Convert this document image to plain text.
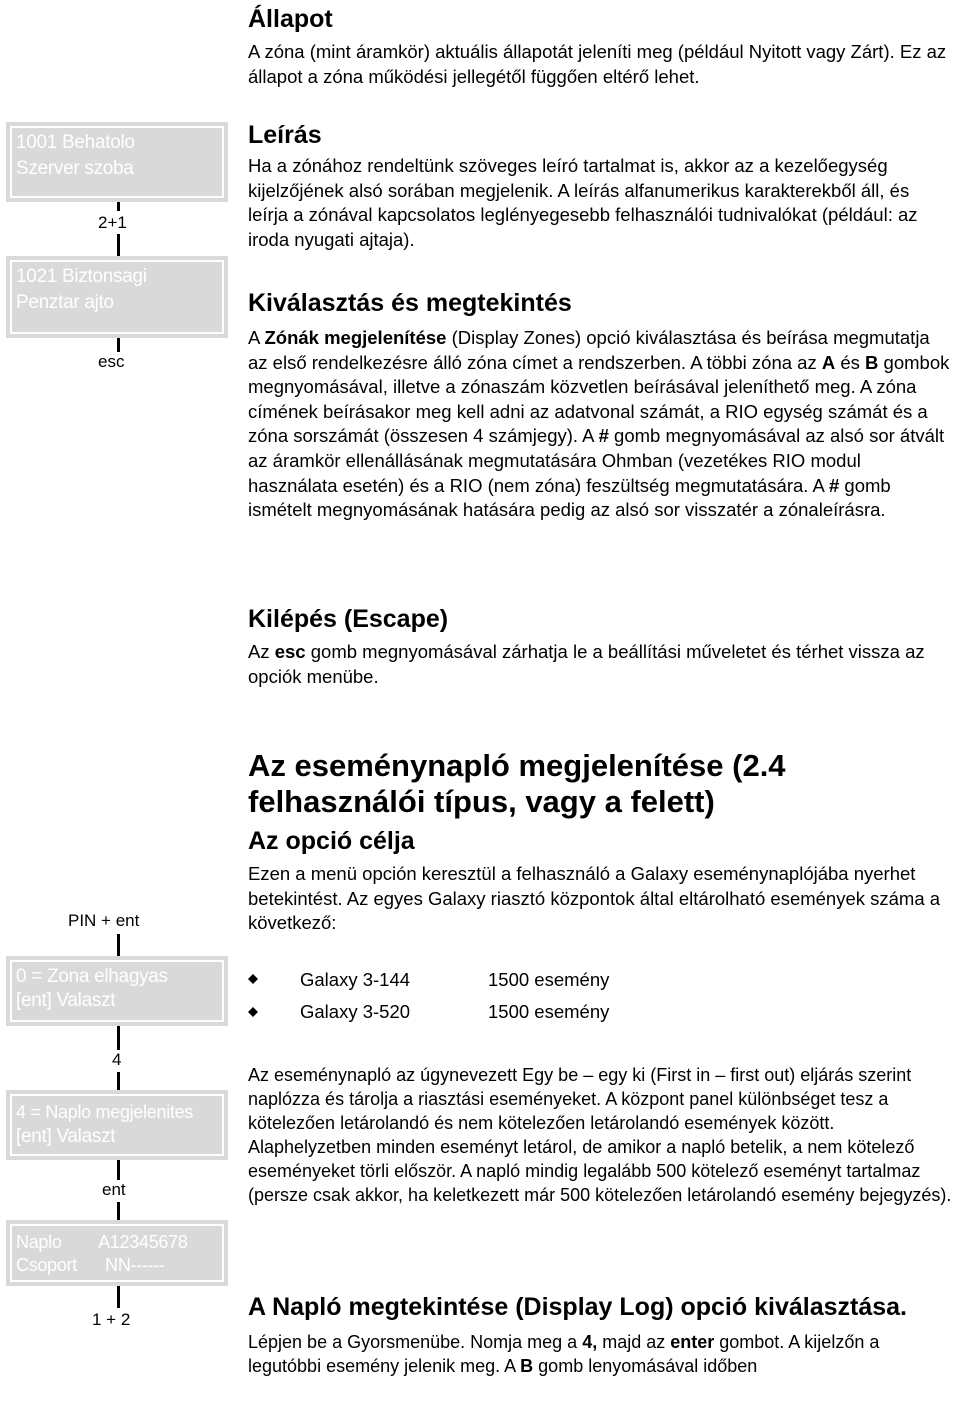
1001 Behatolo
Szerver szoba
2+1
1021 Biztonsagi
Penztar ajto
esc
PIN + ent
0 = Zona elhagyas
[ent] Valaszt
4
4 = Naplo megjelenites
[ent] Valaszt
ent
Naplo        A12345678
Csoport      NN------
1 + 2
Állapot

A zóna (mint áramkör) aktuális állapotát jeleníti meg (például Nyitott vagy Zárt). Ez az állapot a zóna működési jellegétől függően eltérő lehet.

Leírás

Ha a zónához rendeltünk szöveges leíró tartalmat is, akkor az a kezelőegység kijelzőjének alsó sorában megjelenik. A leírás alfanumerikus karakterekből áll, és leírja a zónával kapcsolatos leglényegesebb felhasználói tudnivalókat (például: az iroda nyugati ajtaja).

Kiválasztás és megtekintés

A Zónák megjelenítése (Display Zones) opció kiválasztása és beírása megmutatja az első rendelkezésre álló zóna címet a rendszerben. A többi zóna az A és B gombok megnyomásával, illetve a zónaszám közvetlen beírásával jeleníthető meg. A zóna címének beírásakor meg kell adni az adatvonal számát, a RIO egység számát és a zóna sorszámát (összesen 4 számjegy). A # gomb megnyomásával az alsó sor átvált az áramkör ellenállásának megmutatására Ohmban (vezetékes RIO modul használata esetén) és a RIO (nem zóna) feszültség megmutatására. A # gomb ismételt megnyomásának hatására pedig az alsó sor visszatér a zónaleírásra.

Kilépés (Escape)

Az esc gomb megnyomásával zárhatja le a beállítási műveletet és térhet vissza az opciók menübe.

Az eseménynapló megjelenítése (2.4 felhasználói típus, vagy a felett)
Az opció célja

Ezen a menü opción keresztül a felhasználó a Galaxy eseménynaplójába nyerhet betekintést. Az egyes Galaxy riasztó központok által eltárolható események száma a következő:

Galaxy 3-144	1500 esemény
Galaxy 3-520	1500 esemény

Az eseménynapló az úgynevezett Egy be – egy ki (First in – first out) eljárás szerint naplózza és tárolja a riasztási eseményeket. A központ panel különbséget tesz a kötelezően letárolandó és nem kötelezően letárolandó események között. Alaphelyzetben minden eseményt letárol, de amikor a napló betelik, a nem kötelező eseményeket törli először. A napló mindig legalább 500 kötelező eseményt tartalmaz (persze csak akkor, ha keletkezett már 500 kötelezően letárolandó esemény bejegyzés).

A Napló megtekintése (Display Log) opció kiválasztása.

Lépjen be a Gyorsmenübe. Nomja meg a 4, majd az enter gombot. A kijelzőn a legutóbbi esemény jelenik meg. A B gomb lenyomásával időben
